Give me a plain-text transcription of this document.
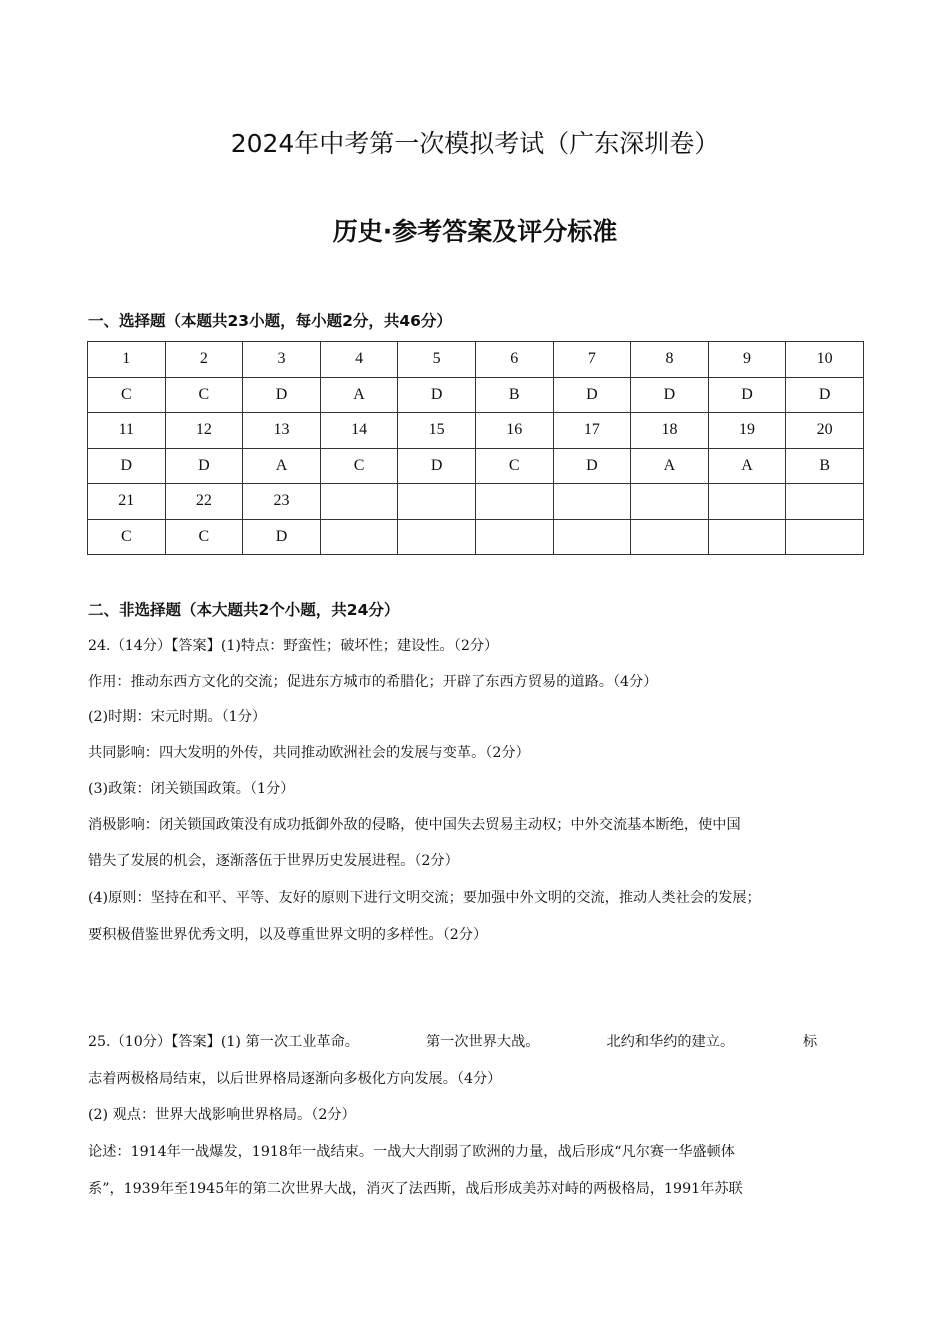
2024年中考第一次模拟考试（广东深圳卷）
历史·参考答案及评分标准
一、选择题（本题共23小题，每小题2分，共46分）
1	2	3	4	5	6	7	8	9	10
C	C	D	A	D	B	D	D	D	D
11	12	13	14	15	16	17	18	19	20
D	D	A	C	D	C	D	A	A	B
21	22	23							
C	C	D							
二、非选择题（本大题共2个小题，共24分）
24.（14分）【答案】(1)特点：野蛮性；破坏性；建设性。（2分）
作用：推动东西方文化的交流；促进东方城市的希腊化；开辟了东西方贸易的道路。（4分）
(2)时期：宋元时期。（1分）
共同影响：四大发明的外传，共同推动欧洲社会的发展与变革。（2分）
(3)政策：闭关锁国政策。（1分）
消极影响：闭关锁国政策没有成功抵御外敌的侵略，使中国失去贸易主动权；中外交流基本断绝，使中国
错失了发展的机会，逐渐落伍于世界历史发展进程。（2分）
(4)原则：坚持在和平、平等、友好的原则下进行文明交流；要加强中外文明的交流，推动人类社会的发展；
要积极借鉴世界优秀文明，以及尊重世界文明的多样性。（2分）
25.（10分）【答案】(1) 第一次工业革命。	第一次世界大战。	北约和华约的建立。	标
志着两极格局结束，以后世界格局逐渐向多极化方向发展。（4分）
(2) 观点：世界大战影响世界格局。（2分）
论述：1914年一战爆发，1918年一战结束。一战大大削弱了欧洲的力量，战后形成“凡尔赛一华盛顿体
系”，1939年至1945年的第二次世界大战，消灭了法西斯，战后形成美苏对峙的两极格局，1991年苏联
